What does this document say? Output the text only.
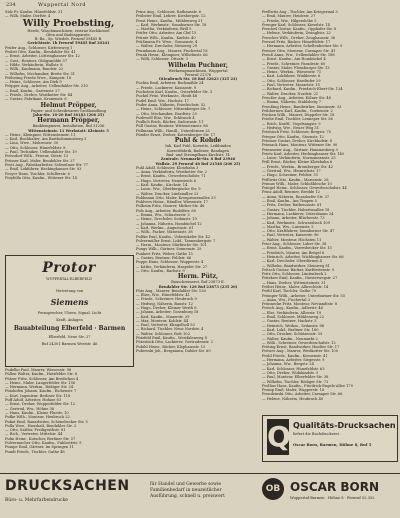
234	Wuppertal Nord
Sülz Fr. Kaufm. Hünefeldstr. 31
— Wilh. Maler, Dorfstr. 4
Willy Proebsting,
Herde, Waschmaschinen, eiserne Kochkessel
Öfen und Badeapparate,
B.-Ba., Sp. Wiedeb. Fernruf 59485 B.
Gerichtsstr. 1b Fernruf 59485 Ruf 20241
Prüfer Aug., Schlosser, Kiefernweg 1
Probst Otto, Kaufm., Bendahler Str. 41
— Ernst, Arbeiter, Lüttringhauser Str. 12
— Gust., Rentner, Ohligsmühle 37
— Hilde, Verkäuferin, Wallstr. 8
— Wilh., Kaufmann, Bandstr. 22
— Wilhelm, Mechaniker, Breite Str. 51
Pröbsting Frieda Wwe., Kampstr. 18
— Heinr., Schlosser, Am Diek 9
Pröpper Aug., Arbeiter, Uellendahler Str. 210
— Emil, Kaufm., Gartenstr. 27
— Friedr., Dreher, Westkotter Str. 44
— Gustav, Fabrikant, Kronenstr. 6
Helmut Pröpper,
Papier- und Schreibwaren-Großhandlung
Jahn-Str. 18-20 Ruf 36183 (206 25)
Hermann Pröpper,
Bauklempnerei, Installation, Ruf 31236
Wittensteinstr. 11 Werkstatt: Kleinstr. 5
— Heinr., Klempner, Wittensteinstr. 11
— Karl, Buchhalter, Am Bartholomäusberg 3
— Lina, Wwe., Mohrenstr. 30
— Otto, Schlosser, Hünefeldstr. 8
— Paul, Techniker, Uellendahler Str. 19
Prössdorf Wilh., Friseur, Oststr. 12
Prösser Karl, Maler, Bendahler Str. 27
Prott Aug., Fabrikarbeiter, Schwelmer Str. 77
— Emil, Lokführer, Heckinghauser Str. 93
Proyer Hans, Tischler, Schillerstr. 6
Przybilla Otto, Kaufm., Wittener Str. 14
Protor
WUPPERTAL-ELBERFELD
Vertretung von
Siemens
Fernsprecher, Uhren, Signal, Licht
Kraft, Anlagen
Bauabteilung Elberfeld · Barmen
Elberfeld, Neue Str. 27
Ruf 24301 Barmen Weststr. 46
Pudelko Paul, Maurer, Wiesenstr. 98
Püllen Walter, Kaufm., Hatzfelder Str. 6
Pützer Fritz, Schlosser, Am Bredtchen 4
— Heinr., Maler, Langerfelder Str. 156
— Hermann, Werkm., Rödiger Str. 34
Pützhofen Johann, Kaufm., Eichenstr. 7
— Kurt, Ingenieur, Berliner Str. 118
Puff Adolf, Arbeiter, Hofaue 63
— Ernst, Dreher, Wupperfelder Str. 12
— Gertrud, Ww., Höhne 38
— Hans, Kaufm., Kleine Flurstr. 10
Pufke Wilh., Monteur, Heubruch 22
Pukat Emil, Bauarbeiter, Schönebecker Str. 5
Pulla Wwe., Haushalt, Bendahler Str. 2
— Otto, Sattler, Freiligrathstr. 81
— Rich., Vertreter, Mittelstr. 44
Pulm Heinr., Kutscher, Berliner Str. 57
Pulvermacher Otto, Kaufm., Fuhlrottstr. 9
Pumpe Emil, Gärtner, Im Springen 11
Pundt Friedr., Tischler, Gathe 48
Prinz Aug., Schlosser, Rathausstr. 6
Pröbster Emil, Lehrer, Kiesbergstr. 12
Prost Heinr., Kaufm., Mühlenweg 31
— Karl, Werkmstr., Sonnborner Str. 18
— Martha, Verkäuferin, Brill 9
Prüfer Otto, Arbeiter, Am Clef 15
Prünte Wilh., Kaufm., Karlstr. 40
Prüßmann Fr. Wwe., Gronaustr. 4
— Walter, Drechsler, Steinweg 29
Prumbaum Aug., Maurer, Fischertal 18
Prunk Heinr., Klempner, Wilhelmstr. 66
— Willi, Schlosser, Ottostr. 3
Wilhelm Puchner,
Werkzeugmaschinen, Wuppertal
Fernruf 21376
Ottenbruch Str. 18 Ruf 32623 (325 22)
Puchta Emil, Arbeiter, Bockmühle 24
— Friedr., Lackierer, Kasinostr. 9
Puchstein Karl, Kaufm., Osterfelder Str. 3
Puckel Fritz, Werkmstr., Heidt 48
Pudel Emil, Ww., Hochstr. 17
Puder Anna, Näherin, Friedrichstr. 52
— Heinr., Schlosser, Nützenberger Str. 7
— Otto, Mechaniker, Hardtstr. 20
Pudewell Else, Ww., Eckbusch 4
Pudlich Erich, Bäcker, Sadowastr. 11
Püll Gustav, Rentner, Wittensteinstr. 88
Püllmann Wilh., Handl., Unterdörnen 25
Pünder Ernst, Dreher, Katernberger Str. 17
Puhl & Rohde
Inh. Karl Puhl, Korsetts, Leibbinden
Korsettfabrik, Badener, Bandagen
Bad- und Strumpfhaus Kirchstr. 14
Zentrale: Neumarkt-Str. 8 Ruf 23946
Wallstr. 29 Fernruf 48 Ruf 21548 (206 25)
Puhl Adolf, Schlosser, Klotzbahn 3
— Anna, Verkäuferin, Westkotter Str. 2
— Ernst, Kaufm., Gewerbeschulstr. 71
— Hugo, Vertreter, Neuenteich 6
— Karl, Kaufm., Kirchstr. 14
— Luise, Ww., Oberbergische Str. 9
— Walter, Drucker, Lindenallee 22
Puhlmann Otto, Maler, Kronprinzenallee 33
Puhlvers Heinr., Händler, Wiesenstr. 17
Pulheim Fritz, Maurer, Mirker Str. 46
Puls Aug., Arbeiter, Rudolfstr. 80
— Emma, Ww., Schusterstr. 5
— Heinr., Drechsler, Sedanstr. 19
— Johanna, Näherin, Hombüchel 12
— Karl, Werkm., Augustastr. 61
— Wilh., Packer, Viktoriastr. 38
Pultke Paul, Kaufm., Vohwinkeler Str. 42
Pulvermüller Ernst, Lokf., Tannenbergstr. 7
— Herm., Monteur, Märkische Str. 101
Pungs Wilh., Gärtner, Sonnenstr. 29
Punkert Fritz, Weber, Gathe 15
— Gustav, Rentner, Feldstr. 66
Puppe Hans, Schlosser, Wupperstr. 4
— Käthe, Verkäuferin, Haspeler Str. 27
— Otto, Kaufm., Bachstr. 9
Herm. Pütz,
Bauschreinerei, Ruf 23873 E.
Bendahler Str. 126 Ruf 23873 (235 20)
Pütz Aug., Maurer, Bendahler Str. 126
— Elise, Ww., Hünefeldstr. 41
— Friedr., Schreiner, Heubruch 9
— Hedwig, Näherin, Baustr. 12
— Hugo, Dreher, Kleiner Werth 6
— Johann, Arbeiter, Gosenburg 18
— Karl, Kaufm., Mauerstr. 29
— Max, Monteur, Kohlstr. 44
— Paul, Vertreter, Klingelholl 53
— Richard, Tischler, Neue Nordstr. 4
— Walter, Schlosser, Rott 102
Pützfeld Emil, Kaufm., Westfalenweg 8
Pützstück Otto, Lackierer, Gertrudenstr. 2
Pufahl Heinr., Bäcker, Klophausstr. 15
Pukowski Joh., Bergmann, Dahler Str. 60
Prellwitz Aug., Tischler, Am Kriegermal 3
— Emil, Maurer, Heidestr. 27
— Frieda, Ww., Hilgershöhe 5
Prenger Karl, Schlosser, Kieselstr. 14
Prentzel Gustav, Kaufm., Opphofer Str. 8
— Helene, Verkäuferin, Zwinglistr. 22
Prescher Wilh., Dreher, Zeughausstr. 36
Pressel Fritz, Bäcker, Hünefeldstr. 17
— Hermann, Arbeiter, Schellenbecker Str. 9
Presser Otto, Monteur, Carnaper Str. 41
Preuß Anna, Ww., Uellendahler Str. 188
— Ernst, Kaufm., Am Hombüchel 4
— Friedr., Schreiner, Paradestr. 60
— Gustav, Maler, Flensburger Str. 13
— Heinr., Werkm., Wiesenstr. 71
— Karl, Lokführer, Winklerstr. 6
— Otto, Schlosser, Hardtufer 29
— Paul, Vertreter, Mozartstr. 15
— Richard, Kaufm., Friedrich-Ebert-Str. 134
— Walter, Drucker, Nordstr. 21
Preußer Aug., Arbeiter, Kölner Str. 48
— Emma, Näherin, Stahlsberg 7
Preußing Heinr., Bandwirker, Simonsstr. 33
Pribbernow Karl, Kaufm., Goebenstr. 2
Pricken Wilh., Maurer, Düppeler Str. 18
Priebe Emil, Tischler, Lenneper Str. 56
— Erich, Kraftf., Vogelsangstr. 9
— Hedwig, Ww., Neuer Weg 31
Priebisch Fritz, Schlosser, Bergstr. 75
Prieger Otto, Kaufm., Sternstr. 12
Priemer Gustav, Dreher, Kirchhofstr. 8
Priesack Hans, Monteur, Wittener Str. 90
Priesmeier Aug., Gärtner, Hammesberg 3
Prietz Karl, Arbeiter, Heckinghauser Str. 140
— Luise, Verkäuferin, Normannenstr. 25
Prill Ernst, Bäcker, Kleine Klotzbahn 6
— Friedr., Werkm., Bromberger Str. 42
— Gertrud, Ww., Heinrichstr. 17
— Hugo, Schreiner, Feldstr. 51
Prillwitz Otto, Kaufm., Marienstr. 28
Primus Wilh., Maler, Schloßbleiche 10
Pringel Heinr., Schlosser, Gewerbeschulstr. 44
Prinz Adolf, Rentner, Bredde 12
— Anna, Näherin, Ronsdorfer Str. 37
— Emil, Kaufm., Am Timpen 5
— Fritz, Dreher, Rathenaustr. 61
— Gustav, Tischler, Hubertusallee 18
— Hermann, Lackierer, Ostersbaum 24
— Johann, Arbeiter, Blücherstr. 73
— Karl, Werkmstr., Schwarzbach 109
— Martha, Ww., Luisenstr. 2
— Otto, Kraftfahrer, Sonnborner Str. 47
— Paul, Vertreter, Kaiserstr. 96
— Walter, Monteur, Höchsten 11
Prior Aug., Schlosser, Loher Str. 38
— Ernst, Kaufm., Varresbecker Str. 15
— Friedrich, Maurer, Am Brögel 6
— Heinrich, Arbeiter, Wichlinghauser Str. 66
— Karl, Drechsler, Oberdörnen 4
— Wilhelm, Bandwirker, Steinweg 81
Pritsch Gustav, Bäcker, Kurfürstenstr. 9
Pritz Otto, Schlosser, Lüntenbeck 2
Pritzkow Emil, Kaufm., Diesterwegstr. 27
— Hans, Dreher, Wittensteinstr. 31
Pröbst Heinr., Maler, Albrechtstr. 14
Pröhl Karl, Tischler, Gathe 70
Prömper Wilh., Arbeiter, Unterbarmer Str. 55
— Anna, Ww., Fischertal 3
Prönnecke Fritz, Monteur, Neviandtstr. 8
Prösch Aug., Kaufm., Adlerstr. 46
— Else, Verkäuferin, Alleestr. 19
— Emil, Schlosser, Mühlenweg 22
— Gustav, Rentner, Hackstr. 5
— Heinrich, Werkm., Sedanstr. 88
— Karl, Lokf., Berliner Str. 160
— Otto, Drucker, Schützenstr. 33
— Walter, Kaufm., Neumarkt 2
— Wilh., Schreiner, Gewerbeschulstr. 12
Pröting Ernst, Bandwirker, Heidter Str. 17
Pröwer Aug., Maurer, Westkotter Str. 100
Prohl Friedr., Kaufm., Kronenstr. 41
— Hermann, Arbeiter, Siegesstr. 9
— Johanna, Ww., Bergstr. 24
— Karl, Schlosser, Hünefeldstr. 63
— Otto, Dreher, Widukindstr. 5
— Paul, Monteur, Elberfelder Str. 38
— Wilhelm, Tischler, Rödiger Str. 72
Prollius Hans, Kaufm., Friedrich-Engels-Allee 170
Promp Emil, Maler, Wupperstr. 18
Prondzinski Otto, Arbeiter, Carnaper Str. 66
— Helene, Näherin, Heubruch 40
Q Qualitäts-Drucksachen
liefert die Buchdruckerei
Oscar Born, Barmen, Höhne 8, Ruf 5
DRUCKSACHEN
Büro- u. Mehrfarbendrucke
für Handel und Gewerbe sowie
Familienbedarf in neuzeitlicher
Ausführung, schnell u. preiswert
OB OSCAR BORN
Wuppertal-Barmen · Höhne 8 · Fernruf 52 352
